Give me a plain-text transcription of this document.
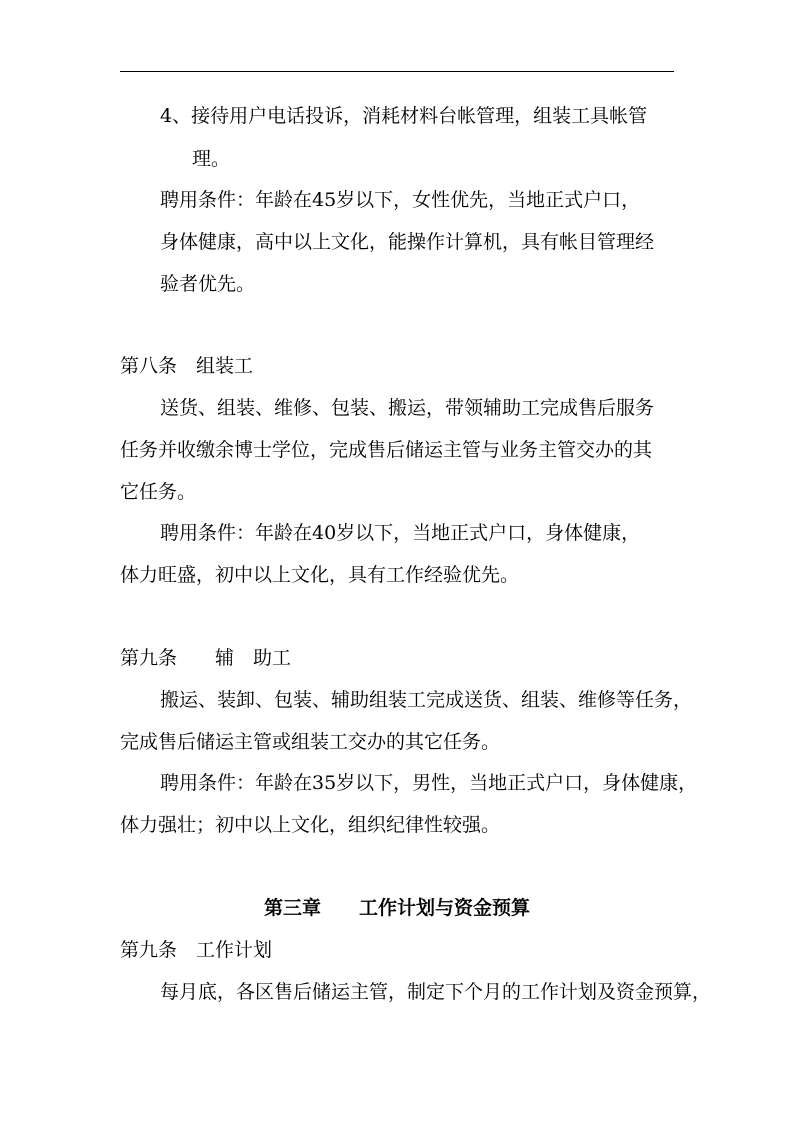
4、接待用户电话投诉，消耗材料台帐管理，组装工具帐管
理。
聘用条件：年龄在45岁以下，女性优先，当地正式户口，
身体健康，高中以上文化，能操作计算机，具有帐目管理经
验者优先。
第八条　组装工
送货、组装、维修、包装、搬运，带领辅助工完成售后服务
任务并收缴余博士学位，完成售后储运主管与业务主管交办的其
它任务。
聘用条件：年龄在40岁以下，当地正式户口，身体健康，
体力旺盛，初中以上文化，具有工作经验优先。
第九条　　辅　助工
搬运、装卸、包装、辅助组装工完成送货、组装、维修等任务，
完成售后储运主管或组装工交办的其它任务。
聘用条件：年龄在35岁以下，男性，当地正式户口，身体健康，
体力强壮；初中以上文化，组织纪律性较强。
第三章　　工作计划与资金预算
第九条　工作计划
每月底，各区售后储运主管，制定下个月的工作计划及资金预算，
